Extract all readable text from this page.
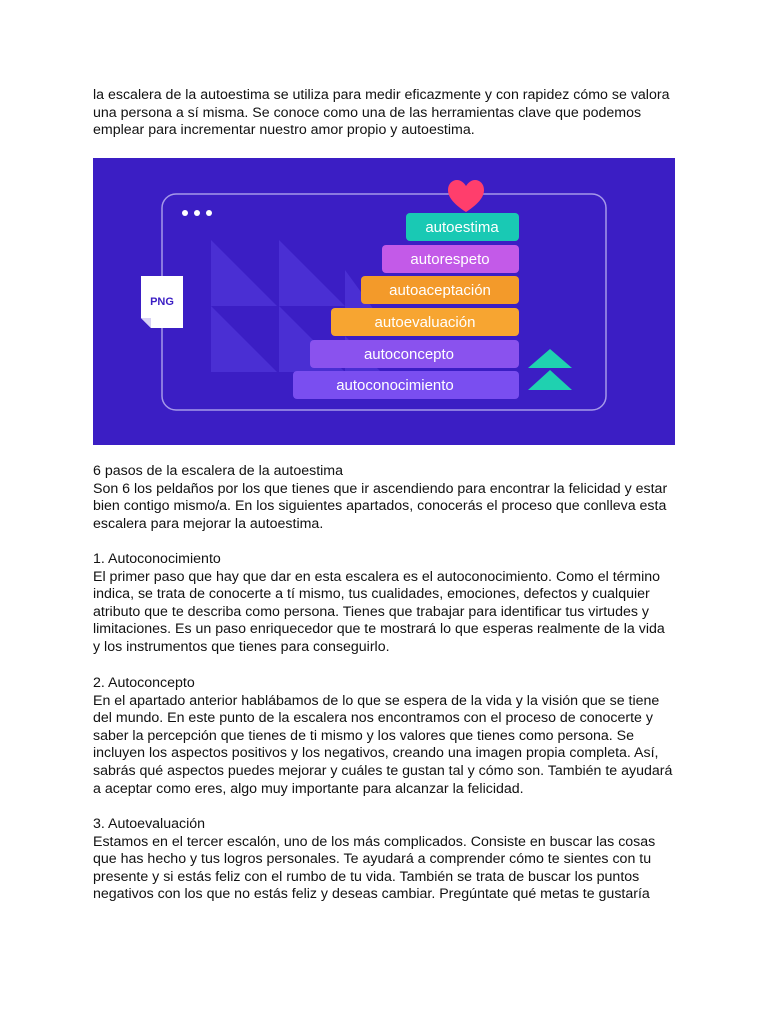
la escalera de la autoestima se utiliza para medir eficazmente y con rapidez cómo se valora
una persona a sí misma. Se conoce como una de las herramientas clave que podemos
emplear para incrementar nuestro amor propio y autoestima.
PNG
autoestima
autorespeto
autoaceptación
autoevaluación
autoconcepto
autoconocimiento
6 pasos de la escalera de la autoestima
Son 6 los peldaños por los que tienes que ir ascendiendo para encontrar la felicidad y estar
bien contigo mismo/a. En los siguientes apartados, conocerás el proceso que conlleva esta
escalera para mejorar la autoestima.
1. Autoconocimiento
El primer paso que hay que dar en esta escalera es el autoconocimiento. Como el término
indica, se trata de conocerte a tí mismo, tus cualidades, emociones, defectos y cualquier
atributo que te describa como persona. Tienes que trabajar para identificar tus virtudes y
limitaciones. Es un paso enriquecedor que te mostrará lo que esperas realmente de la vida
y los instrumentos que tienes para conseguirlo.
2. Autoconcepto
En el apartado anterior hablábamos de lo que se espera de la vida y la visión que se tiene
del mundo. En este punto de la escalera nos encontramos con el proceso de conocerte y
saber la percepción que tienes de ti mismo y los valores que tienes como persona. Se
incluyen los aspectos positivos y los negativos, creando una imagen propia completa. Así,
sabrás qué aspectos puedes mejorar y cuáles te gustan tal y cómo son. También te ayudará
a aceptar como eres, algo muy importante para alcanzar la felicidad.
3. Autoevaluación
Estamos en el tercer escalón, uno de los más complicados. Consiste en buscar las cosas
que has hecho y tus logros personales. Te ayudará a comprender cómo te sientes con tu
presente y si estás feliz con el rumbo de tu vida. También se trata de buscar los puntos
negativos con los que no estás feliz y deseas cambiar. Pregúntate qué metas te gustaría
